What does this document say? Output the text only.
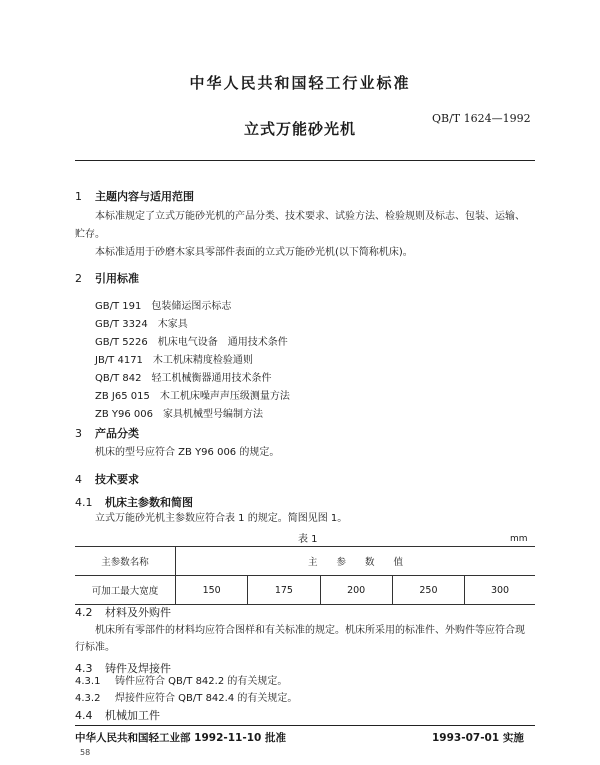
中华人民共和国轻工行业标准
立式万能砂光机
QB/T 1624—1992
1 主题内容与适用范围
本标准规定了立式万能砂光机的产品分类、技术要求、试验方法、检验规则及标志、包装、运输、
贮存。
本标准适用于砂磨木家具零部件表面的立式万能砂光机(以下简称机床)。
2 引用标准
GB/T 191　 包装储运图示标志
GB/T 3324　 木家具
GB/T 5226　 机床电气设备　通用技术条件
JB/T 4171　 木工机床精度检验通则
QB/T 842　 轻工机械衡器通用技术条件
ZB J65 015　 木工机床噪声声压级测量方法
ZB Y96 006　 家具机械型号编制方法
3 产品分类
机床的型号应符合 ZB Y96 006 的规定。
4 技术要求
4.1 机床主参数和简图
立式万能砂光机主参数应符合表 1 的规定。简图见图 1。
表 1	mm
主参数名称	主　　参　　数　　值				
可加工最大宽度	150	175	200	250	300
4.2 材料及外购件
机床所有零部件的材料均应符合图样和有关标准的规定。机床所采用的标准件、外购件等应符合现
行标准。
4.3 铸件及焊接件
4.3.1 铸件应符合 QB/T 842.2 的有关规定。
4.3.2 焊接件应符合 QB/T 842.4 的有关规定。
4.4 机械加工件
中华人民共和国轻工业部 1992-11-10 批准	1993-07-01 实施
58
